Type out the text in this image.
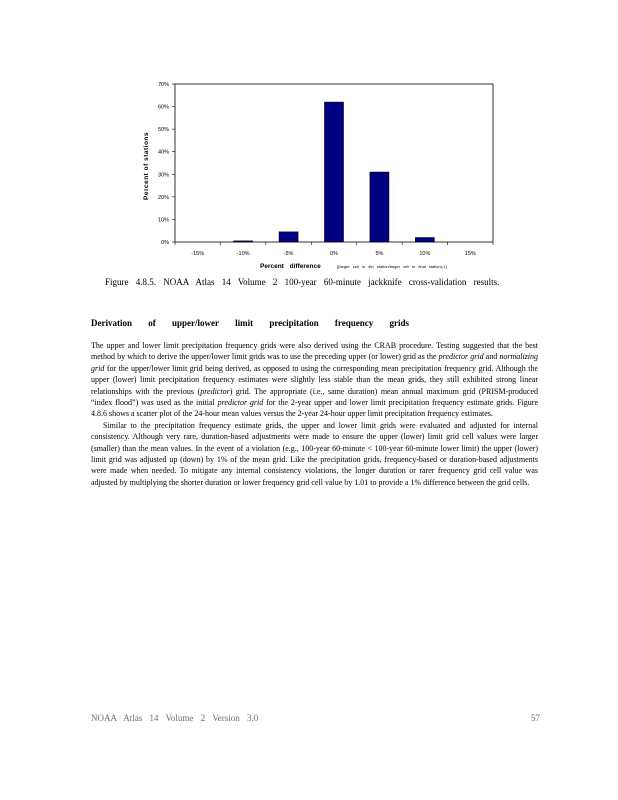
0%
10%
20%
30%
40%
50%
60%
70%
-15%	-10%	-5%	0%	5%	10%	15%
Percent of stations
Percent difference	[(larger cell in 4th station/larger cell in final station)-1]
Figure 4.8.5. NOAA Atlas 14 Volume 2 100-year 60-minute jackknife cross-validation results.
Derivation of upper/lower limit precipitation frequency grids

The upper and lower limit precipitation frequency grids were also derived using the CRAB procedure. Testing suggested that the best method by which to derive the upper/lower limit grids was to use the preceding upper (or lower) grid as the predictor grid and normalizing grid for the upper/lower limit grid being derived, as opposed to using the corresponding mean precipitation frequency grid. Although the upper (lower) limit precipitation frequency estimates were slightly less stable than the mean grids, they still exhibited strong linear relationships with the previous (predictor) grid. The appropriate (i.e., same duration) mean annual maximum grid (PRISM-produced “index flood”) was used as the initial predictor grid for the 2-year upper and lower limit precipitation frequency estimate grids. Figure 4.8.6 shows a scatter plot of the 24-hour mean values versus the 2-year 24-hour upper limit precipitation frequency estimates.

Similar to the precipitation frequency estimate grids, the upper and lower limit grids were evaluated and adjusted for internal consistency. Although very rare, duration-based adjustments were made to ensure the upper (lower) limit grid cell values were larger (smaller) than the mean values. In the event of a violation (e.g., 100-year 60-minute < 100-year 60-minute lower limit) the upper (lower) limit grid was adjusted up (down) by 1% of the mean grid. Like the precipitation grids, frequency-based or duration-based adjustments were made when needed. To mitigate any internal consistency violations, the longer duration or rarer frequency grid cell value was adjusted by multiplying the shorter duration or lower frequency grid cell value by 1.01 to provide a 1% difference between the grid cells.

NOAA Atlas 14 Volume 2 Version 3.0	57
